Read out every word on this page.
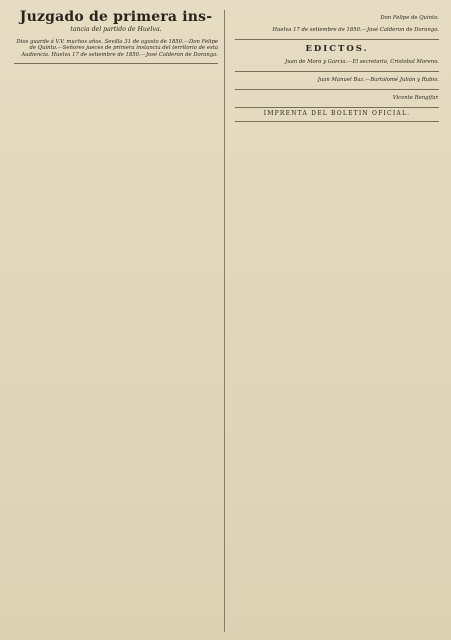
Juzgado de primera ins-
tancia del partido de Huelva.

Dios guarde á V.V. muchos años. Sevilla 31 de agosto de 1850.—Don Felipe de Quinto.—Señores jueces de primera instancia del territorio de esta Audiencia. Huelva 17 de setiembre de 1850.—José Calderon de Dorango.

Don Felipe de Quinto.

Huelva 17 de setiembre de 1850.—José Calderon de Dorango.

EDICTOS.

Juan de Mora y Garcia.—El secretario, Cristobal Moreno.

Juan Manuel Baz.—Bartolomé Julián y Rubio.

Vicente Rengifar.

IMPRENTA DEL BOLETIN OFICIAL.
